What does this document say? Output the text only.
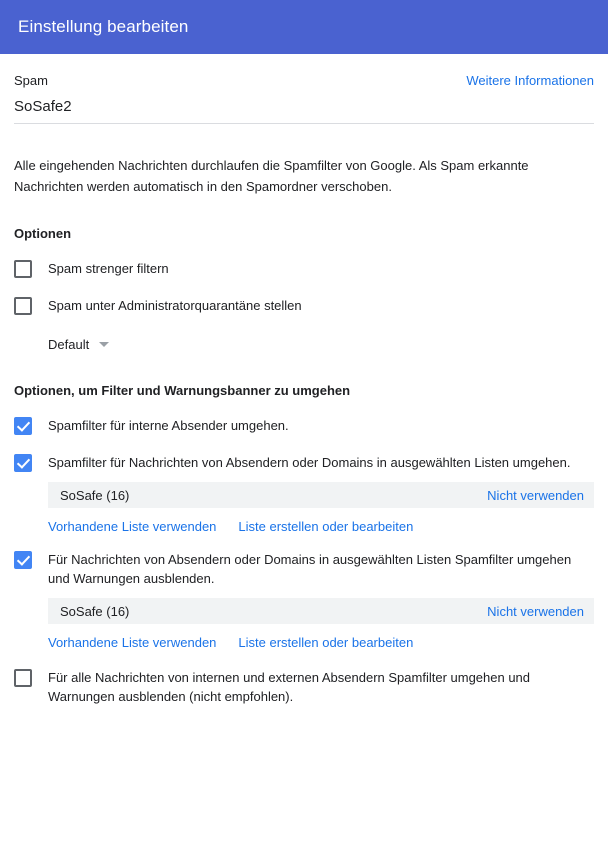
Einstellung bearbeiten
Spam	Weitere Informationen
SoSafe2
Alle eingehenden Nachrichten durchlaufen die Spamfilter von Google. Als Spam erkannte Nachrichten werden automatisch in den Spamordner verschoben.
Optionen
Spam strenger filtern
Spam unter Administratorquarantäne stellen
Default
Optionen, um Filter und Warnungsbanner zu umgehen
Spamfilter für interne Absender umgehen.
Spamfilter für Nachrichten von Absendern oder Domains in ausgewählten Listen umgehen.
SoSafe (16)	Nicht verwenden
Vorhandene Liste verwenden Liste erstellen oder bearbeiten
Für Nachrichten von Absendern oder Domains in ausgewählten Listen Spamfilter umgehen und Warnungen ausblenden.
SoSafe (16)	Nicht verwenden
Vorhandene Liste verwenden Liste erstellen oder bearbeiten
Für alle Nachrichten von internen und externen Absendern Spamfilter umgehen und Warnungen ausblenden (nicht empfohlen).
